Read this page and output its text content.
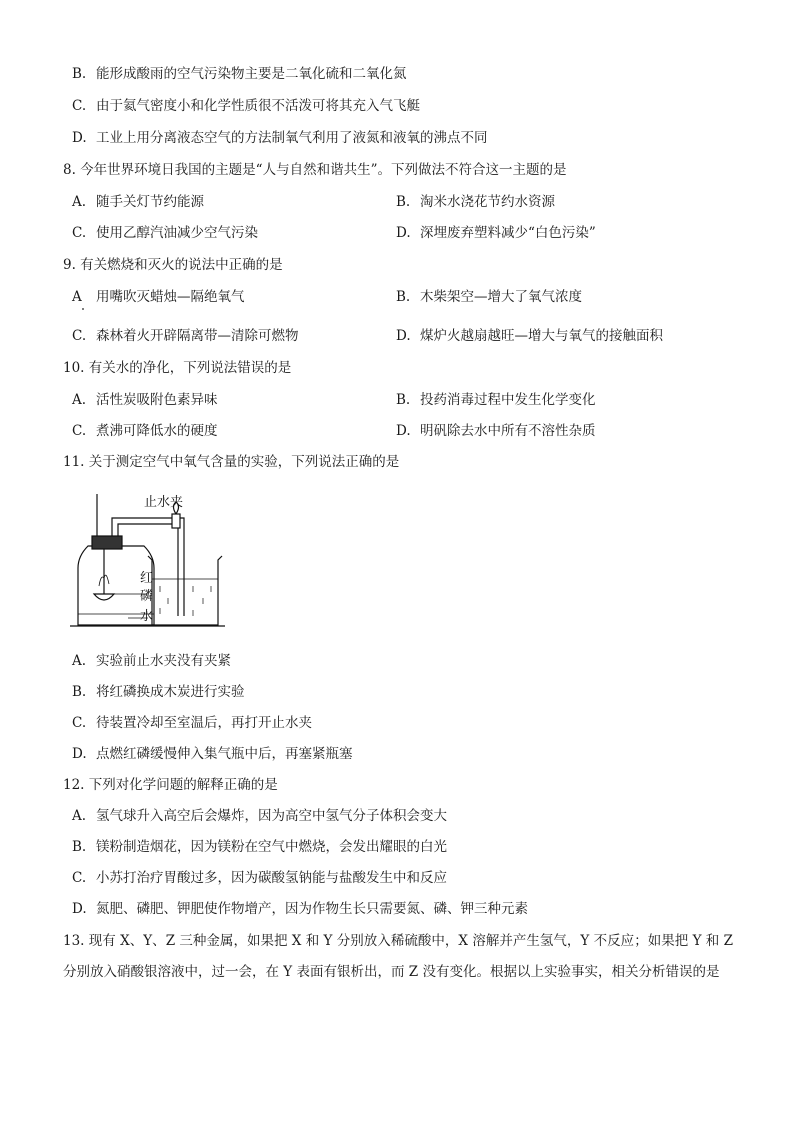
B. 能形成酸雨的空气污染物主要是二氧化硫和二氧化氮
C. 由于氦气密度小和化学性质很不活泼可将其充入气飞艇
D. 工业上用分离液态空气的方法制氧气利用了液氮和液氧的沸点不同
8. 今年世界环境日我国的主题是“人与自然和谐共生”。下列做法不符合这一主题的是
A. 随手关灯节约能源	B. 淘米水浇花节约水资源
C. 使用乙醇汽油减少空气污染	D. 深埋废弃塑料减少“白色污染”
9. 有关燃烧和灭火的说法中正确的是
A 用嘴吹灭蜡烛—隔绝氧气	B. 木柴架空—增大了氧气浓度
C. 森林着火开辟隔离带—清除可燃物	D. 煤炉火越扇越旺—增大与氧气的接触面积
10. 有关水的净化，下列说法错误的是
A. 活性炭吸附色素异味	B. 投药消毒过程中发生化学变化
C. 煮沸可降低水的硬度	D. 明矾除去水中所有不溶性杂质
11. 关于测定空气中氧气含量的实验，下列说法正确的是
止水夹
红
磷
水
A. 实验前止水夹没有夹紧
B. 将红磷换成木炭进行实验
C. 待装置冷却至室温后，再打开止水夹
D. 点燃红磷缓慢伸入集气瓶中后，再塞紧瓶塞
12. 下列对化学问题的解释正确的是
A. 氢气球升入高空后会爆炸，因为高空中氢气分子体积会变大
B. 镁粉制造烟花，因为镁粉在空气中燃烧，会发出耀眼的白光
C. 小苏打治疗胃酸过多，因为碳酸氢钠能与盐酸发生中和反应
D. 氮肥、磷肥、钾肥使作物增产，因为作物生长只需要氮、磷、钾三种元素
13. 现有 X、Y、Z 三种金属，如果把 X 和 Y 分别放入稀硫酸中，X 溶解并产生氢气，Y 不反应；如果把 Y 和 Z 分别放入硝酸银溶液中，过一会，在 Y 表面有银析出，而 Z 没有变化。根据以上实验事实，相关分析错误的是
